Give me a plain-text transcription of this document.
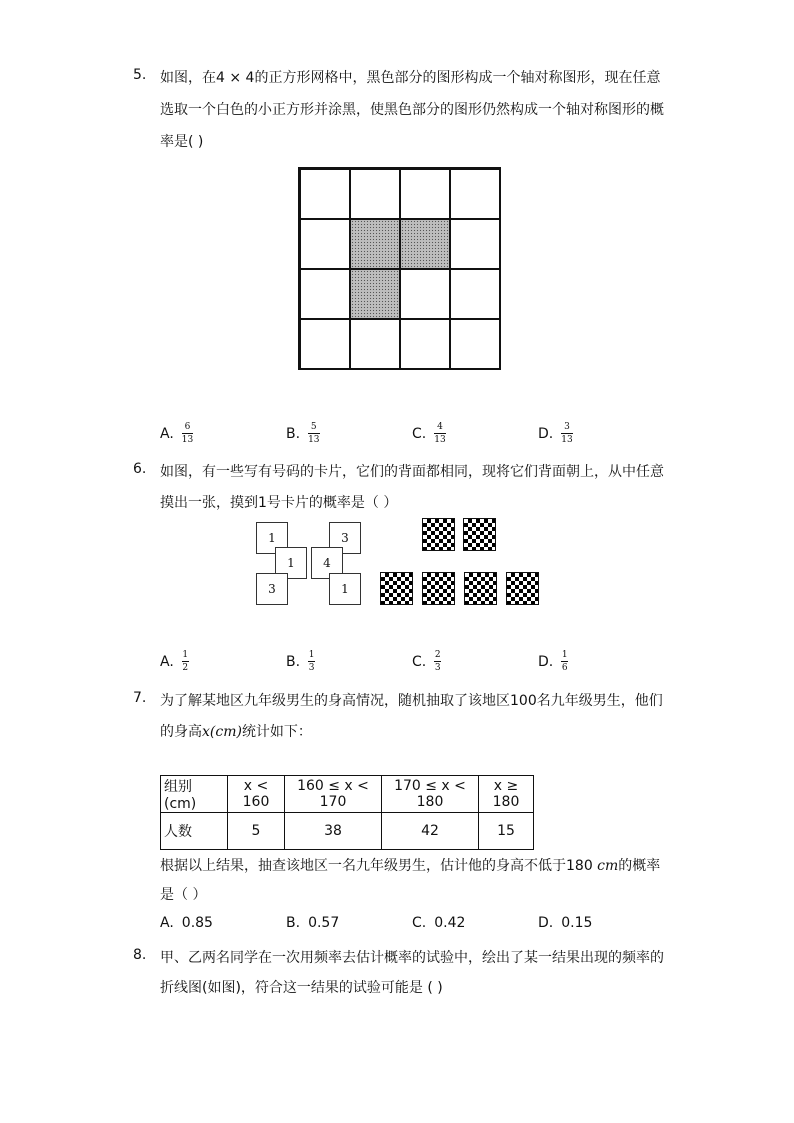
5. 如图，在4 × 4的正方形网格中，黑色部分的图形构成一个轴对称图形，现在任意
选取一个白色的小正方形并涂黑，使黑色部分的图形仍然构成一个轴对称图形的概
率是( )
A. $\frac{6}{13}$	B. $\frac{5}{13}$	C. $\frac{4}{13}$	D. $\frac{3}{13}$
6. 如图，有一些写有号码的卡片，它们的背面都相同，现将它们背面朝上，从中任意
摸出一张，摸到1号卡片的概率是（ ）
1
1
3
3
4
1
A. $\frac{1}{2}$	B. $\frac{1}{3}$	C. $\frac{2}{3}$	D. $\frac{1}{6}$
7. 为了解某地区九年级男生的身高情况，随机抽取了该地区100名九年级男生，他们
的身高x(cm)统计如下：
组别(cm)	x < 160	160 ≤ x < 170	170 ≤ x < 180	x ≥ 180
人数	5	38	42	15
根据以上结果，抽查该地区一名九年级男生，估计他的身高不低于180 cm的概率
是（ ）
A. 0.85	B. 0.57	C. 0.42	D. 0.15
8. 甲、乙两名同学在一次用频率去估计概率的试验中，绘出了某一结果出现的频率的
折线图(如图)，符合这一结果的试验可能是 ( )
